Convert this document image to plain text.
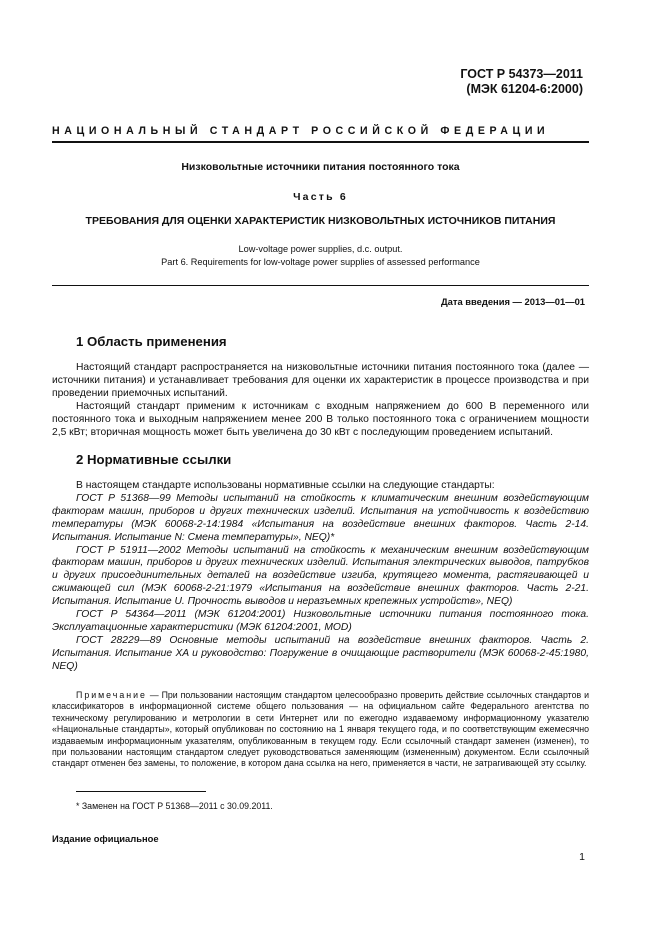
ГОСТ Р 54373—2011
(МЭК 61204-6:2000)
НАЦИОНАЛЬНЫЙ СТАНДАРТ РОССИЙСКОЙ ФЕДЕРАЦИИ
Низковольтные источники питания постоянного тока
Часть 6
ТРЕБОВАНИЯ ДЛЯ ОЦЕНКИ ХАРАКТЕРИСТИК НИЗКОВОЛЬТНЫХ ИСТОЧНИКОВ ПИТАНИЯ
Low-voltage power supplies, d.c. output.
Part 6. Requirements for low-voltage power supplies of assessed performance
Дата введения — 2013—01—01
1 Область применения

Настоящий стандарт распространяется на низковольтные источники питания постоянного тока (далее — источники питания) и устанавливает требования для оценки их характеристик в процессе производства и при проведении приемочных испытаний.

Настоящий стандарт применим к источникам с входным напряжением до 600 В переменного или постоянного тока и выходным напряжением менее 200 В только постоянного тока с ограничением мощности 2,5 кВт; вторичная мощность может быть увеличена до 30 кВт с последующим проведением испытаний.

2 Нормативные ссылки

В настоящем стандарте использованы нормативные ссылки на следующие стандарты:

ГОСТ Р 51368—99 Методы испытаний на стойкость к климатическим внешним воздействующим факторам машин, приборов и других технических изделий. Испытания на устойчивость к воздействию температуры (МЭК 60068-2-14:1984 «Испытания на воздействие внешних факторов. Часть 2-14. Испытания. Испытание N: Смена температуры», NEQ)*

ГОСТ Р 51911—2002 Методы испытаний на стойкость к механическим внешним воздействующим факторам машин, приборов и других технических изделий. Испытания электрических выводов, патрубков и других присоединительных деталей на воздействие изгиба, крутящего момента, растягивающей и сжимающей сил (МЭК 60068-2-21:1979 «Испытания на воздействие внешних факторов. Часть 2-21. Испытания. Испытание U. Прочность выводов и неразъемных крепежных устройств», NEQ)

ГОСТ Р 54364—2011 (МЭК 61204:2001) Низковольтные источники питания постоянного тока. Эксплуатационные характеристики (МЭК 61204:2001, MOD)

ГОСТ 28229—89 Основные методы испытаний на воздействие внешних факторов. Часть 2. Испытания. Испытание XA и руководство: Погружение в очищающие растворители (МЭК 60068-2-45:1980, NEQ)

Примечание — При пользовании настоящим стандартом целесообразно проверить действие ссылочных стандартов и классификаторов в информационной системе общего пользования — на официальном сайте Федерального агентства по техническому регулированию и метрологии в сети Интернет или по ежегодно издаваемому информационному указателю «Национальные стандарты», который опубликован по состоянию на 1 января текущего года, и по соответствующим ежемесячно издаваемым информационным указателям, опубликованным в текущем году. Если ссылочный стандарт заменен (изменен), то при пользовании настоящим стандартом следует руководствоваться заменяющим (измененным) документом. Если ссылочный стандарт отменен без замены, то положение, в котором дана ссылка на него, применяется в части, не затрагивающей эту ссылку.

* Заменен на ГОСТ Р 51368—2011 с 30.09.2011.
Издание официальное
1
